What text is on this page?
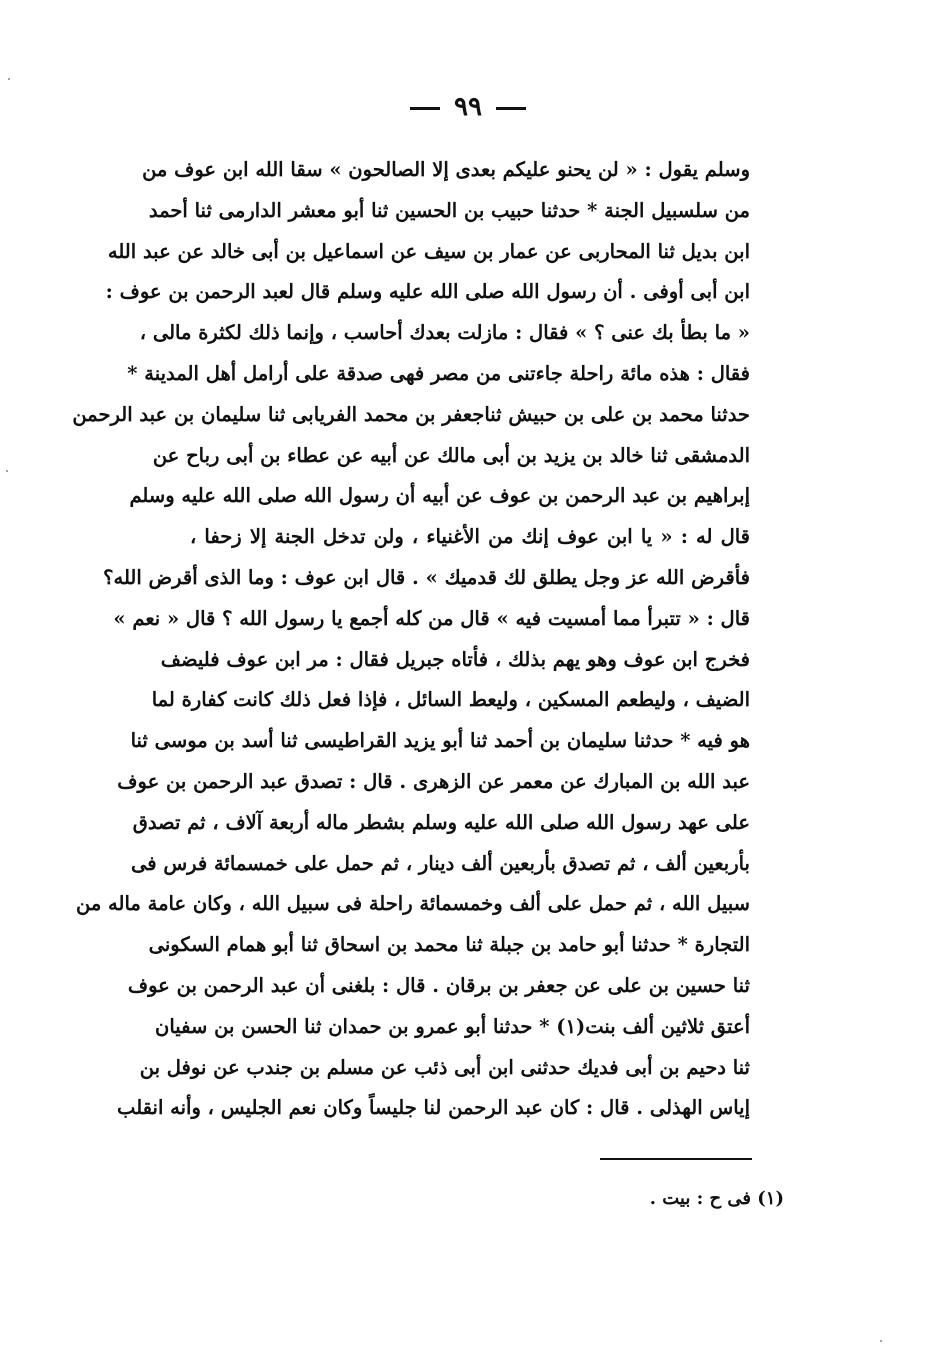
٩٩
وسلم يقول : « لن يحنو عليكم بعدى إلا الصالحون » سقا الله ابن عوف من
من سلسبيل الجنة * حدثنا حبيب بن الحسين ثنا أبو معشر الدارمى ثنا أحمد
ابن بديل ثنا المحاربى عن عمار بن سيف عن اسماعيل بن أبى خالد عن عبد الله
ابن أبى أوفى . أن رسول الله صلى الله عليه وسلم قال لعبد الرحمن بن عوف :
« ما بطأ بك عنى ؟ » فقال : مازلت بعدك أحاسب ، وإنما ذلك لكثرة مالى ،
فقال : هذه مائة راحلة جاءتنى من مصر فهى صدقة على أرامل أهل المدينة *
حدثنا محمد بن على بن حبيش ثناجعفر بن محمد الفريابى ثنا سليمان بن عبد الرحمن
الدمشقى ثنا خالد بن يزيد بن أبى مالك عن أبيه عن عطاء بن أبى رباح عن
إبراهيم بن عبد الرحمن بن عوف عن أبيه أن رسول الله صلى الله عليه وسلم
قال له : « يا ابن عوف إنك من الأغنياء ، ولن تدخل الجنة إلا زحفا ،
فأقرض الله عز وجل يطلق لك قدميك » . قال ابن عوف : وما الذى أقرض الله؟
قال : « تتبرأ مما أمسيت فيه » قال من كله أجمع يا رسول الله ؟ قال « نعم »
فخرج ابن عوف وهو يهم بذلك ، فأتاه جبريل فقال : مر ابن عوف فليضف
الضيف ، وليطعم المسكين ، وليعط السائل ، فإذا فعل ذلك كانت كفارة لما
هو فيه * حدثنا سليمان بن أحمد ثنا أبو يزيد القراطيسى ثنا أسد بن موسى ثنا
عبد الله بن المبارك عن معمر عن الزهرى . قال : تصدق عبد الرحمن بن عوف
على عهد رسول الله صلى الله عليه وسلم بشطر ماله أربعة آلاف ، ثم تصدق
بأربعين ألف ، ثم تصدق بأربعين ألف دينار ، ثم حمل على خمسمائة فرس فى
سبيل الله ، ثم حمل على ألف وخمسمائة راحلة فى سبيل الله ، وكان عامة ماله من
التجارة * حدثنا أبو حامد بن جبلة ثنا محمد بن اسحاق ثنا أبو همام السكونى
ثنا حسين بن على عن جعفر بن برقان . قال : بلغنى أن عبد الرحمن بن عوف
أعتق ثلاثين ألف بنت(١) * حدثنا أبو عمرو بن حمدان ثنا الحسن بن سفيان
ثنا دحيم بن أبى فديك حدثنى ابن أبى ذئب عن مسلم بن جندب عن نوفل بن
إياس الهذلى . قال : كان عبد الرحمن لنا جليساً وكان نعم الجليس ، وأنه انقلب
(١) فى ح : بيت .
